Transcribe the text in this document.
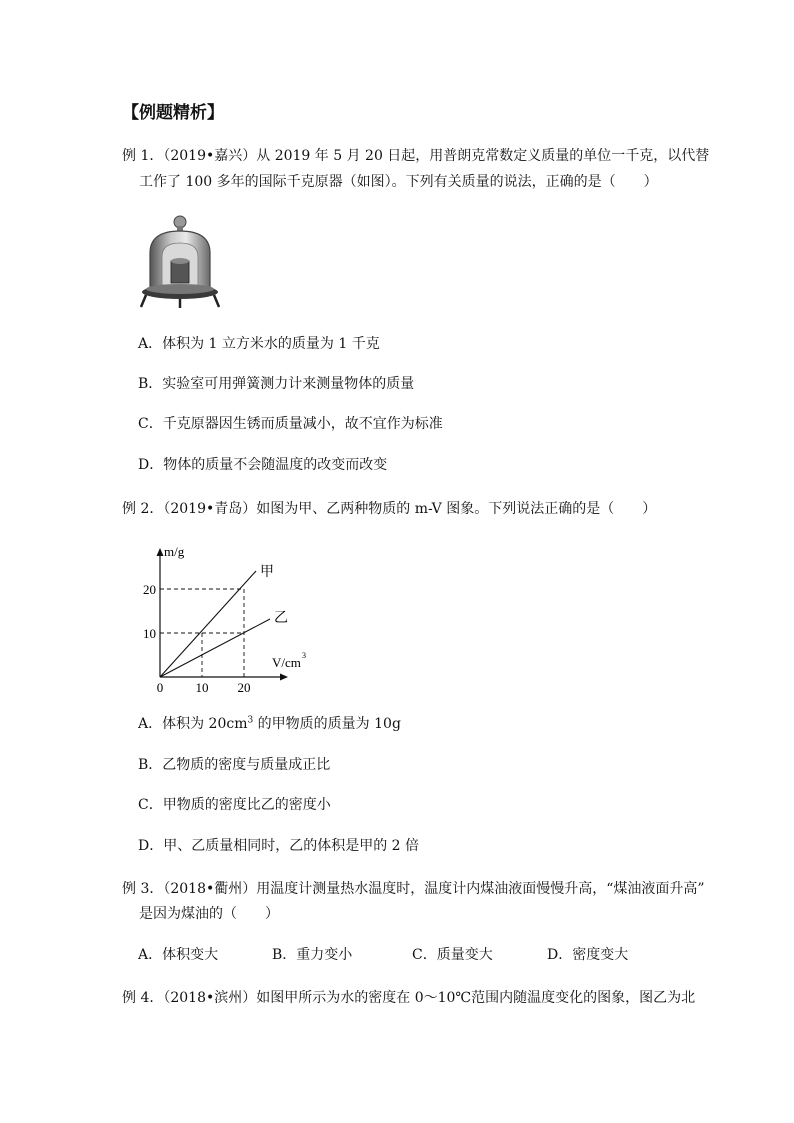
【例题精析】
例 1．（2019•嘉兴）从 2019 年 5 月 20 日起，用普朗克常数定义质量的单位一千克，以代替
工作了 100 多年的国际千克原器（如图）。下列有关质量的说法，正确的是（　　）
A．体积为 1 立方米水的质量为 1 千克
B．实验室可用弹簧测力计来测量物体的质量
C．千克原器因生锈而质量减小，故不宜作为标准
D．物体的质量不会随温度的改变而改变
例 2．（2019•青岛）如图为甲、乙两种物质的 m-V 图象。下列说法正确的是（　　）
m/g
甲
乙
V/cm 3
20
10
0 10 20
A．体积为 $20cm^3$ 的甲物质的质量为 10g
B．乙物质的密度与质量成正比
C．甲物质的密度比乙的密度小
D．甲、乙质量相同时，乙的体积是甲的 2 倍
例 3．（2018•衢州）用温度计测量热水温度时，温度计内煤油液面慢慢升高，“煤油液面升高”
是因为煤油的（　　）
A．体积变大	B．重力变小	C．质量变大	D．密度变大
例 4．（2018•滨州）如图甲所示为水的密度在 0～10℃范围内随温度变化的图象，图乙为北
